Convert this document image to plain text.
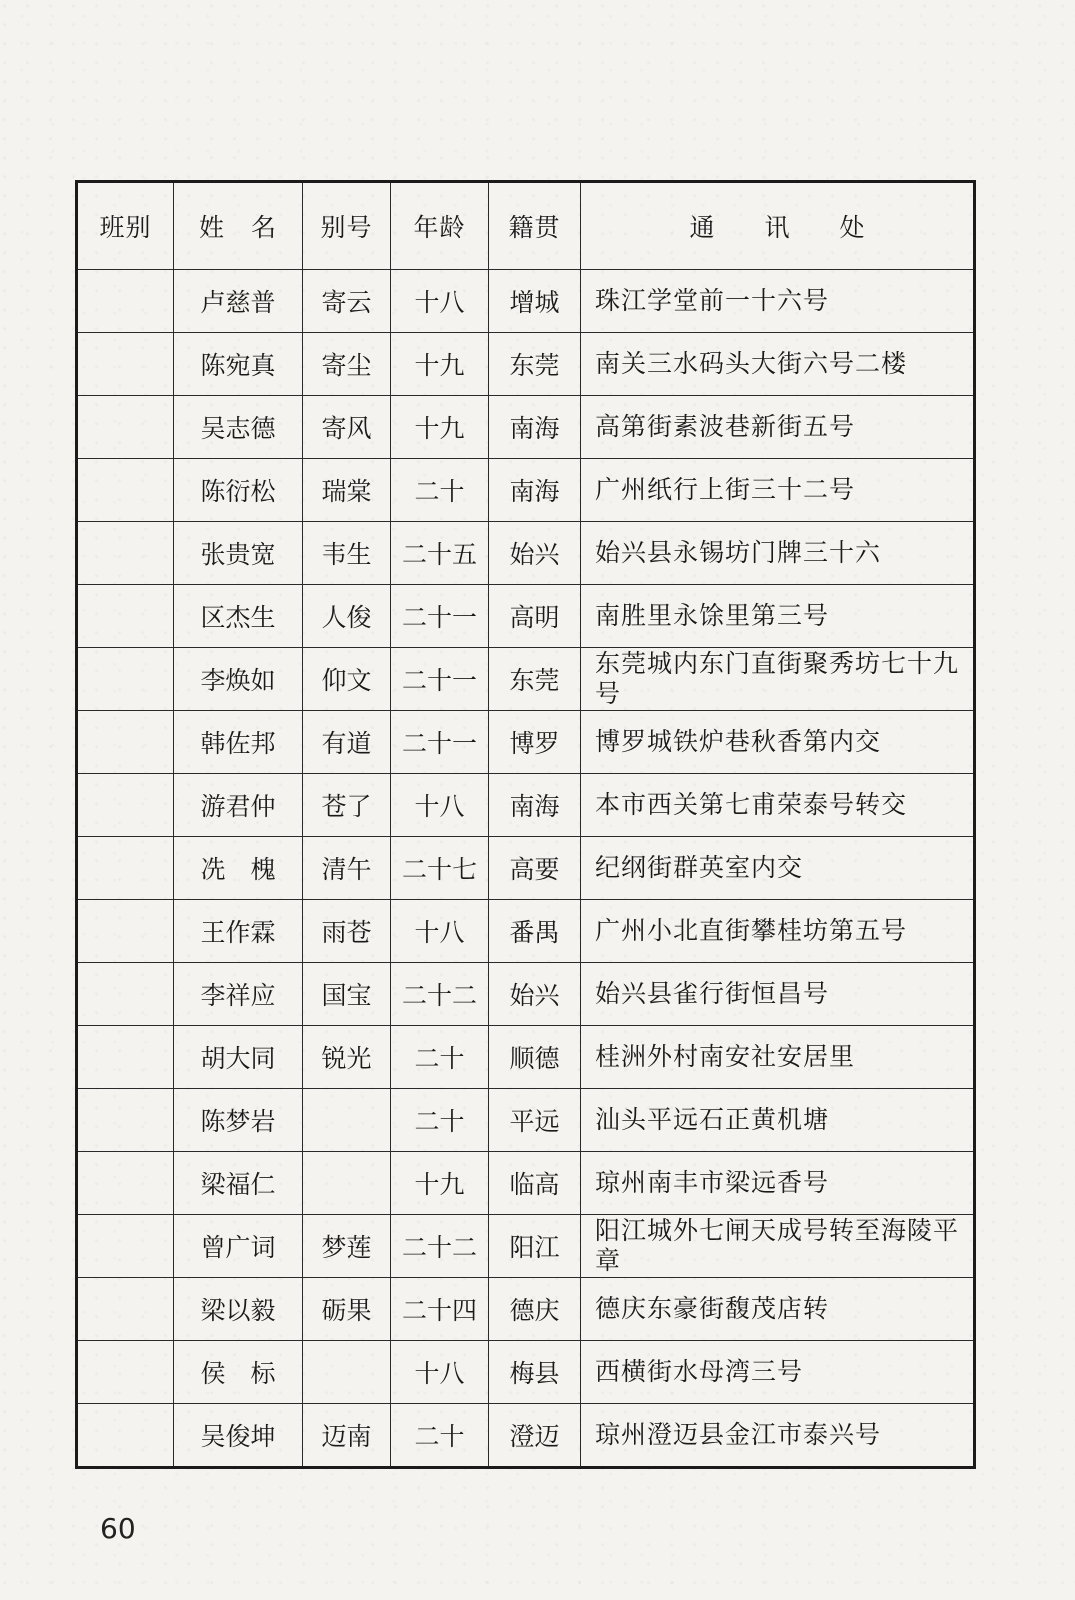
班别	姓　名	别号	年龄	籍贯	通　　讯　　处
	卢慈普	寄云	十八	增城	珠江学堂前一十六号
	陈宛真	寄尘	十九	东莞	南关三水码头大街六号二楼
	吴志德	寄风	十九	南海	高第街素波巷新街五号
	陈衍松	瑞棠	二十	南海	广州纸行上街三十二号
	张贵宽	韦生	二十五	始兴	始兴县永锡坊门牌三十六
	区杰生	人俊	二十一	高明	南胜里永馀里第三号
	李焕如	仰文	二十一	东莞	东莞城内东门直街聚秀坊七十九号
	韩佐邦	有道	二十一	博罗	博罗城铁炉巷秋香第内交
	游君仲	苍了	十八	南海	本市西关第七甫荣泰号转交
	冼　槐	清午	二十七	高要	纪纲街群英室内交
	王作霖	雨苍	十八	番禺	广州小北直街攀桂坊第五号
	李祥应	国宝	二十二	始兴	始兴县雀行街恒昌号
	胡大同	锐光	二十	顺德	桂洲外村南安社安居里
	陈梦岩		二十	平远	汕头平远石正黄机塘
	梁福仁		十九	临高	琼州南丰市梁远香号
	曾广词	梦莲	二十二	阳江	阳江城外七闸天成号转至海陵平章
	梁以毅	砺果	二十四	德庆	德庆东豪街馥茂店转
	侯　标		十八	梅县	西横街水母湾三号
	吴俊坤	迈南	二十	澄迈	琼州澄迈县金江市泰兴号
60
